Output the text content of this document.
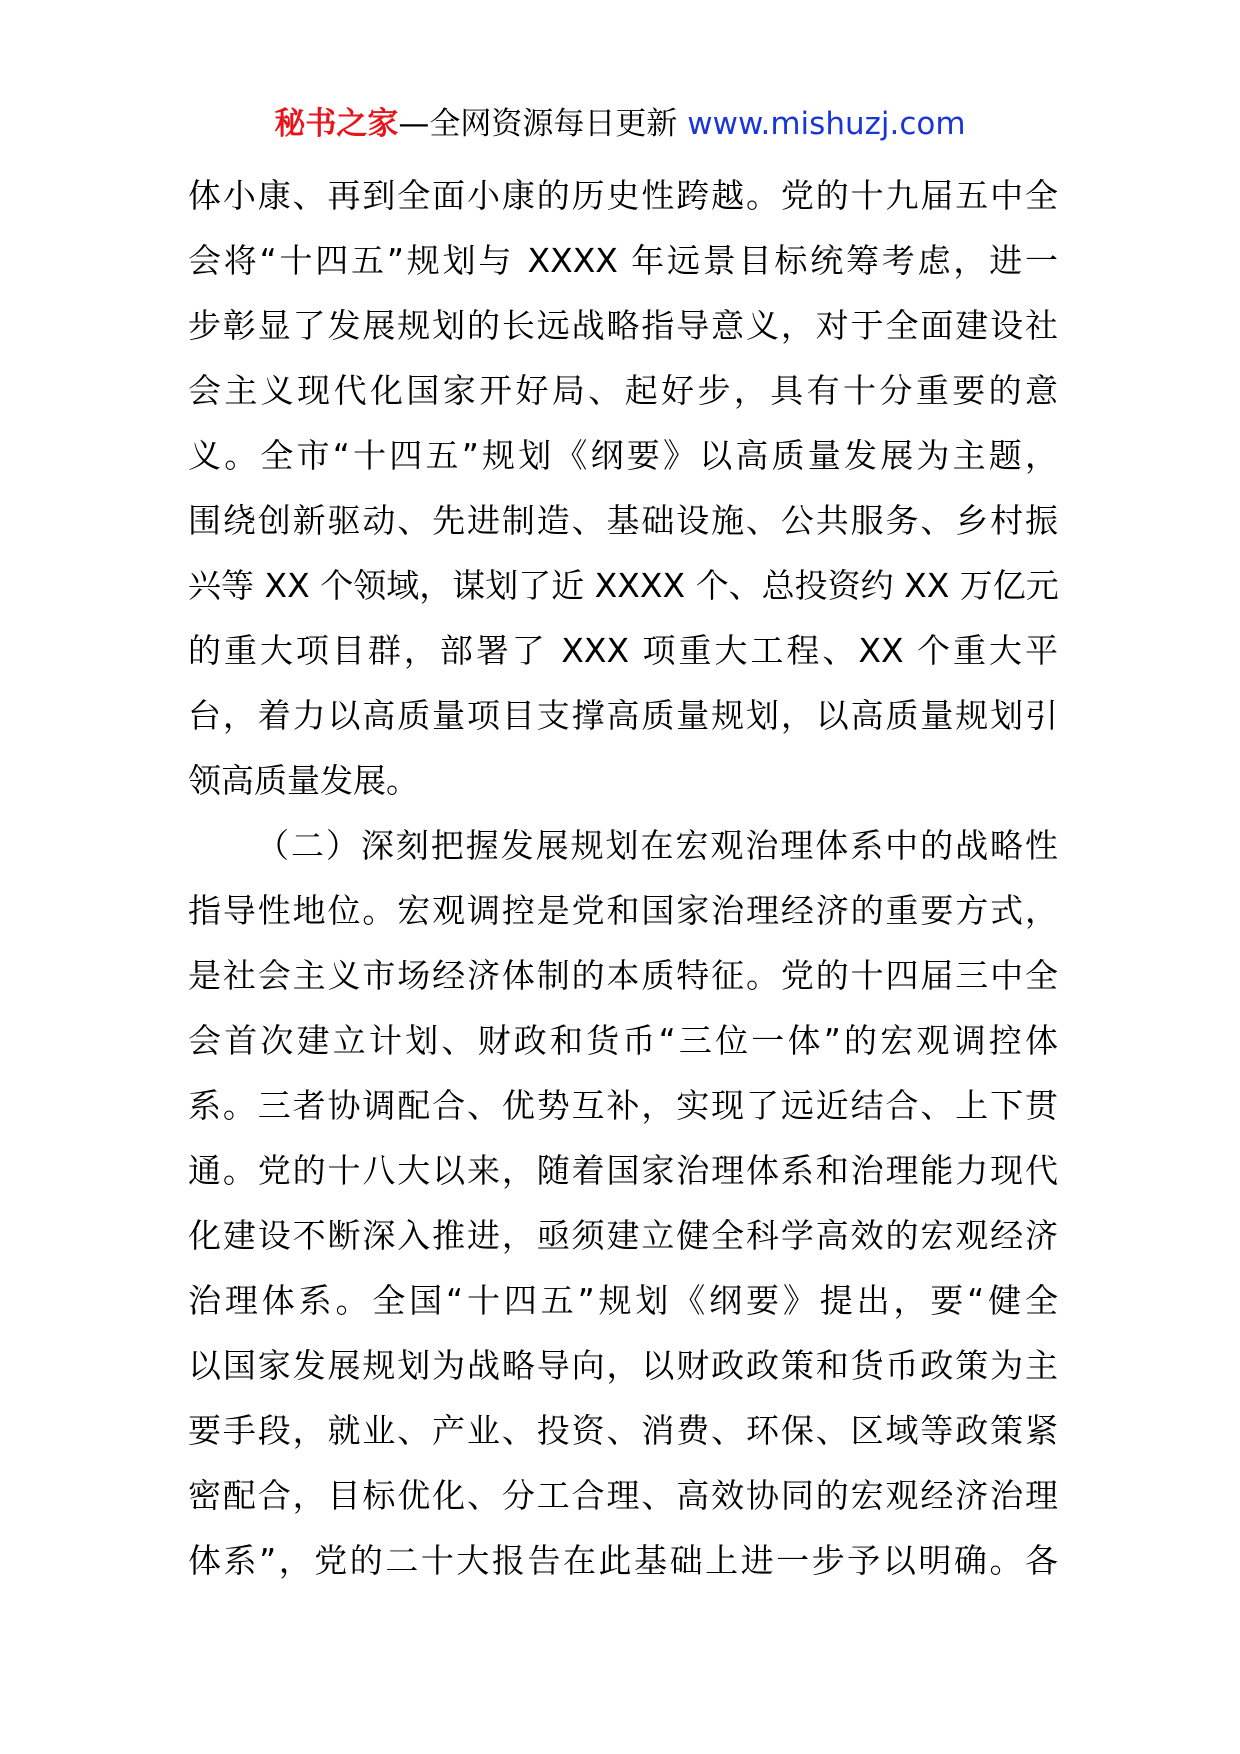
秘书之家—全网资源每日更新 www.mishuzj.com
体小康、再到全面小康的历史性跨越。党的十九届五中全
会将“十四五”规划与 XXXX 年远景目标统筹考虑，进一
步彰显了发展规划的长远战略指导意义，对于全面建设社
会主义现代化国家开好局、起好步，具有十分重要的意
义。全市“十四五”规划《纲要》以高质量发展为主题，
围绕创新驱动、先进制造、基础设施、公共服务、乡村振
兴等 XX 个领域，谋划了近 XXXX 个、总投资约 XX 万亿元
的重大项目群，部署了 XXX 项重大工程、XX 个重大平
台，着力以高质量项目支撑高质量规划，以高质量规划引
领高质量发展。
（二）深刻把握发展规划在宏观治理体系中的战略性
指导性地位。宏观调控是党和国家治理经济的重要方式，
是社会主义市场经济体制的本质特征。党的十四届三中全
会首次建立计划、财政和货币“三位一体”的宏观调控体
系。三者协调配合、优势互补，实现了远近结合、上下贯
通。党的十八大以来，随着国家治理体系和治理能力现代
化建设不断深入推进，亟须建立健全科学高效的宏观经济
治理体系。全国“十四五”规划《纲要》提出，要“健全
以国家发展规划为战略导向，以财政政策和货币政策为主
要手段，就业、产业、投资、消费、环保、区域等政策紧
密配合，目标优化、分工合理、高效协同的宏观经济治理
体系”，党的二十大报告在此基础上进一步予以明确。各
